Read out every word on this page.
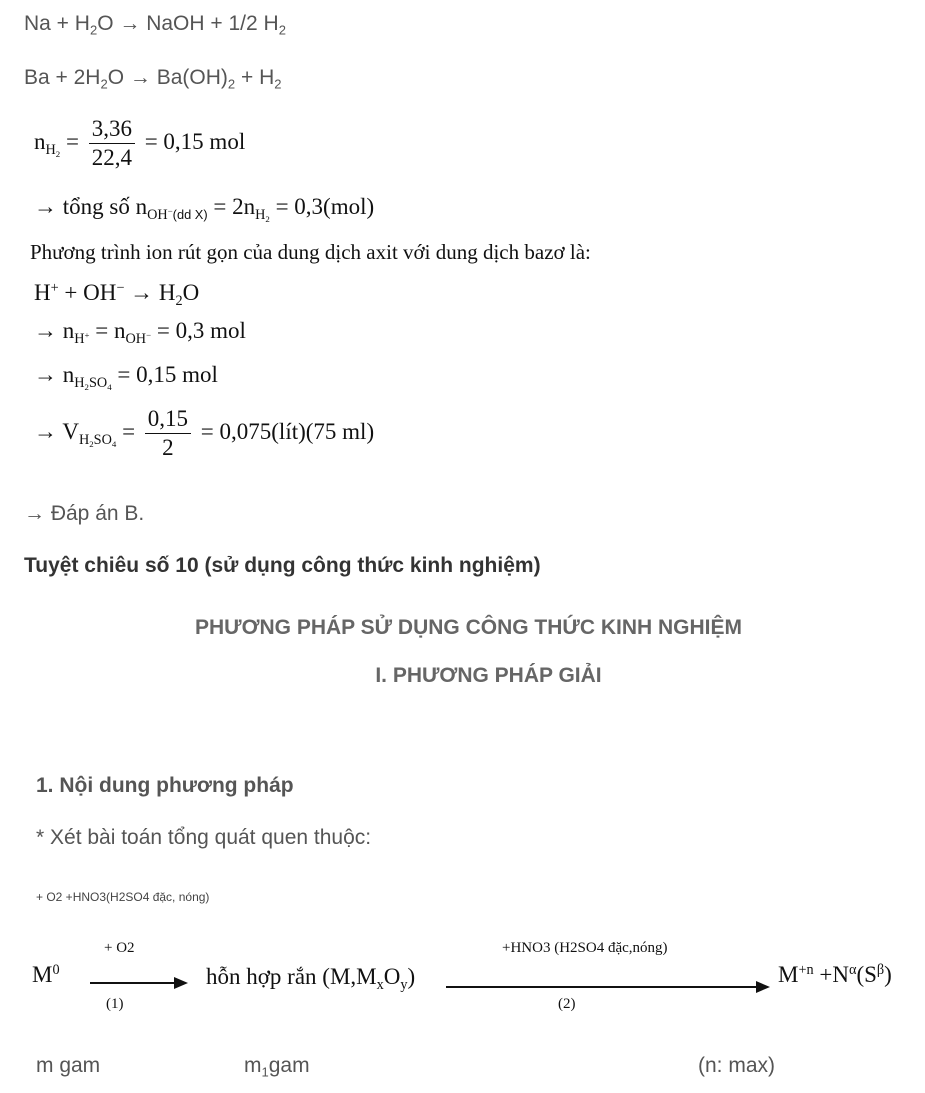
$Na + H_2O$ → NaOH + 1/2 $H_2$
$Ba + 2H_2O \to Ba(OH)_2 + H_2$
$n_{H_2} = \frac{3,36}{22,4} = 0,15$ mol
→ tổng số $n_{OH^-(dd X)} = 2n_{H_2} = 0,3(mol)$
Phương trình ion rút gọn của dung dịch axit với dung dịch bazơ là:
$H^+ + OH^- \to H_2O$
→ $n_{H^+} = n_{OH^-} = 0,3$ mol
→ $n_{H_2SO_4} = 0,15$ mol
→ $V_{H_2SO_4} = \frac{0,15}{2}$ = 0,075(lít)(75 ml)
→ Đáp án B.
Tuyệt chiêu số 10 (sử dụng công thức kinh nghiệm)
PHƯƠNG PHÁP SỬ DỤNG CÔNG THỨC KINH NGHIỆM
I. PHƯƠNG PHÁP GIẢI
1. Nội dung phương pháp
* Xét bài toán tổng quát quen thuộc:
+ O2 +HNO3(H2SO4 đặc, nóng)
$M^0$
+ O2
(1)
hỗn hợp rắn $(M,M_xO_y)$
+HNO3 (H2SO4 đặc,nóng)
(2)
$M^{+n} +N^\alpha(S^\beta)$
m gam	$m_1gam$	(n: max)
